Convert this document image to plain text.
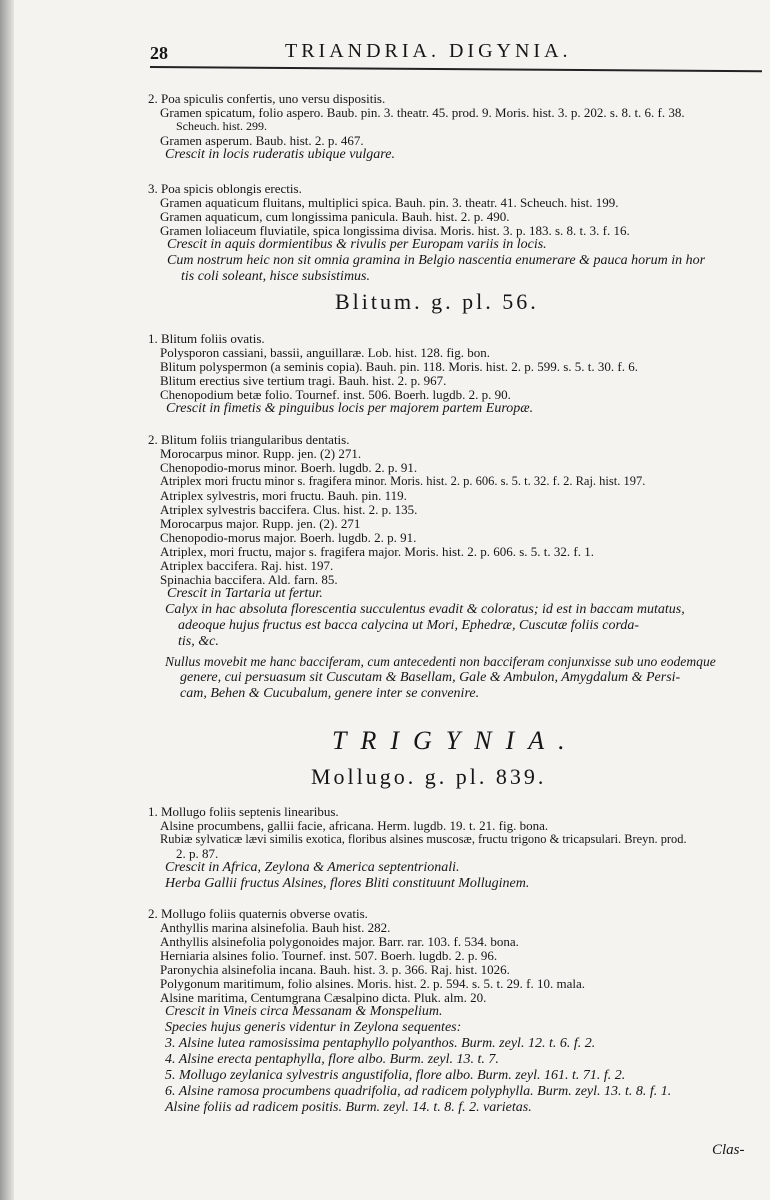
28	TRIANDRIA. DIGYNIA.
2. Poa spiculis confertis, uno versu dispositis.
Gramen spicatum, folio aspero. Baub. pin. 3. theatr. 45. prod. 9. Moris. hist. 3. p. 202. s. 8. t. 6. f. 38.
Scheuch. hist. 299.
Gramen asperum. Baub. hist. 2. p. 467.
Crescit in locis ruderatis ubique vulgare.
3. Poa spicis oblongis erectis.
Gramen aquaticum fluitans, multiplici spica. Bauh. pin. 3. theatr. 41. Scheuch. hist. 199.
Gramen aquaticum, cum longissima panicula. Bauh. hist. 2. p. 490.
Gramen loliaceum fluviatile, spica longissima divisa. Moris. hist. 3. p. 183. s. 8. t. 3. f. 16.
Crescit in aquis dormientibus & rivulis per Europam variis in locis.
Cum nostrum heic non sit omnia gramina in Belgio nascentia enumerare & pauca horum in hor
tis coli soleant, hisce subsistimus.
Blitum. g. pl. 56.
1. Blitum foliis ovatis.
Polysporon cassiani, bassii, anguillaræ. Lob. hist. 128. fig. bon.
Blitum polyspermon (a seminis copia). Bauh. pin. 118. Moris. hist. 2. p. 599. s. 5. t. 30. f. 6.
Blitum erectius sive tertium tragi. Bauh. hist. 2. p. 967.
Chenopodium betæ folio. Tournef. inst. 506. Boerh. lugdb. 2. p. 90.
Crescit in fimetis & pinguibus locis per majorem partem Europæ.
2. Blitum foliis triangularibus dentatis.
Morocarpus minor. Rupp. jen. (2) 271.
Chenopodio-morus minor. Boerh. lugdb. 2. p. 91.
Atriplex mori fructu minor s. fragifera minor. Moris. hist. 2. p. 606. s. 5. t. 32. f. 2. Raj. hist. 197.
Atriplex sylvestris, mori fructu. Bauh. pin. 119.
Atriplex sylvestris baccifera. Clus. hist. 2. p. 135.
Morocarpus major. Rupp. jen. (2). 271
Chenopodio-morus major. Boerh. lugdb. 2. p. 91.
Atriplex, mori fructu, major s. fragifera major. Moris. hist. 2. p. 606. s. 5. t. 32. f. 1.
Atriplex baccifera. Raj. hist. 197.
Spinachia baccifera. Ald. farn. 85.
Crescit in Tartaria ut fertur.
Calyx in hac absoluta florescentia succulentus evadit & coloratus; id est in baccam mutatus,
adeoque hujus fructus est bacca calycina ut Mori, Ephedræ, Cuscutæ foliis corda-
tis, &c.
Nullus movebit me hanc bacciferam, cum antecedenti non bacciferam conjunxisse sub uno eodemque
genere, cui persuasum sit Cuscutam & Basellam, Gale & Ambulon, Amygdalum & Persi-
cam, Behen & Cucubalum, genere inter se convenire.
TRIGYNIA.
Mollugo. g. pl. 839.
1. Mollugo foliis septenis linearibus.
Alsine procumbens, gallii facie, africana. Herm. lugdb. 19. t. 21. fig. bona.
Rubiæ sylvaticæ lævi similis exotica, floribus alsines muscosæ, fructu trigono & tricapsulari. Breyn. prod.
2. p. 87.
Crescit in Africa, Zeylona & America septentrionali.
Herba Gallii fructus Alsines, flores Bliti constituunt Molluginem.
2. Mollugo foliis quaternis obverse ovatis.
Anthyllis marina alsinefolia. Bauh hist. 282.
Anthyllis alsinefolia polygonoides major. Barr. rar. 103. f. 534. bona.
Herniaria alsines folio. Tournef. inst. 507. Boerh. lugdb. 2. p. 96.
Paronychia alsinefolia incana. Bauh. hist. 3. p. 366. Raj. hist. 1026.
Polygonum maritimum, folio alsines. Moris. hist. 2. p. 594. s. 5. t. 29. f. 10. mala.
Alsine maritima, Centumgrana Cæsalpino dicta. Pluk. alm. 20.
Crescit in Vineis circa Messanam & Monspelium.
Species hujus generis videntur in Zeylona sequentes:
3. Alsine lutea ramosissima pentaphyllo polyanthos. Burm. zeyl. 12. t. 6. f. 2.
4. Alsine erecta pentaphylla, flore albo. Burm. zeyl. 13. t. 7.
5. Mollugo zeylanica sylvestris angustifolia, flore albo. Burm. zeyl. 161. t. 71. f. 2.
6. Alsine ramosa procumbens quadrifolia, ad radicem polyphylla. Burm. zeyl. 13. t. 8. f. 1.
Alsine foliis ad radicem positis. Burm. zeyl. 14. t. 8. f. 2. varietas.
Clas-
